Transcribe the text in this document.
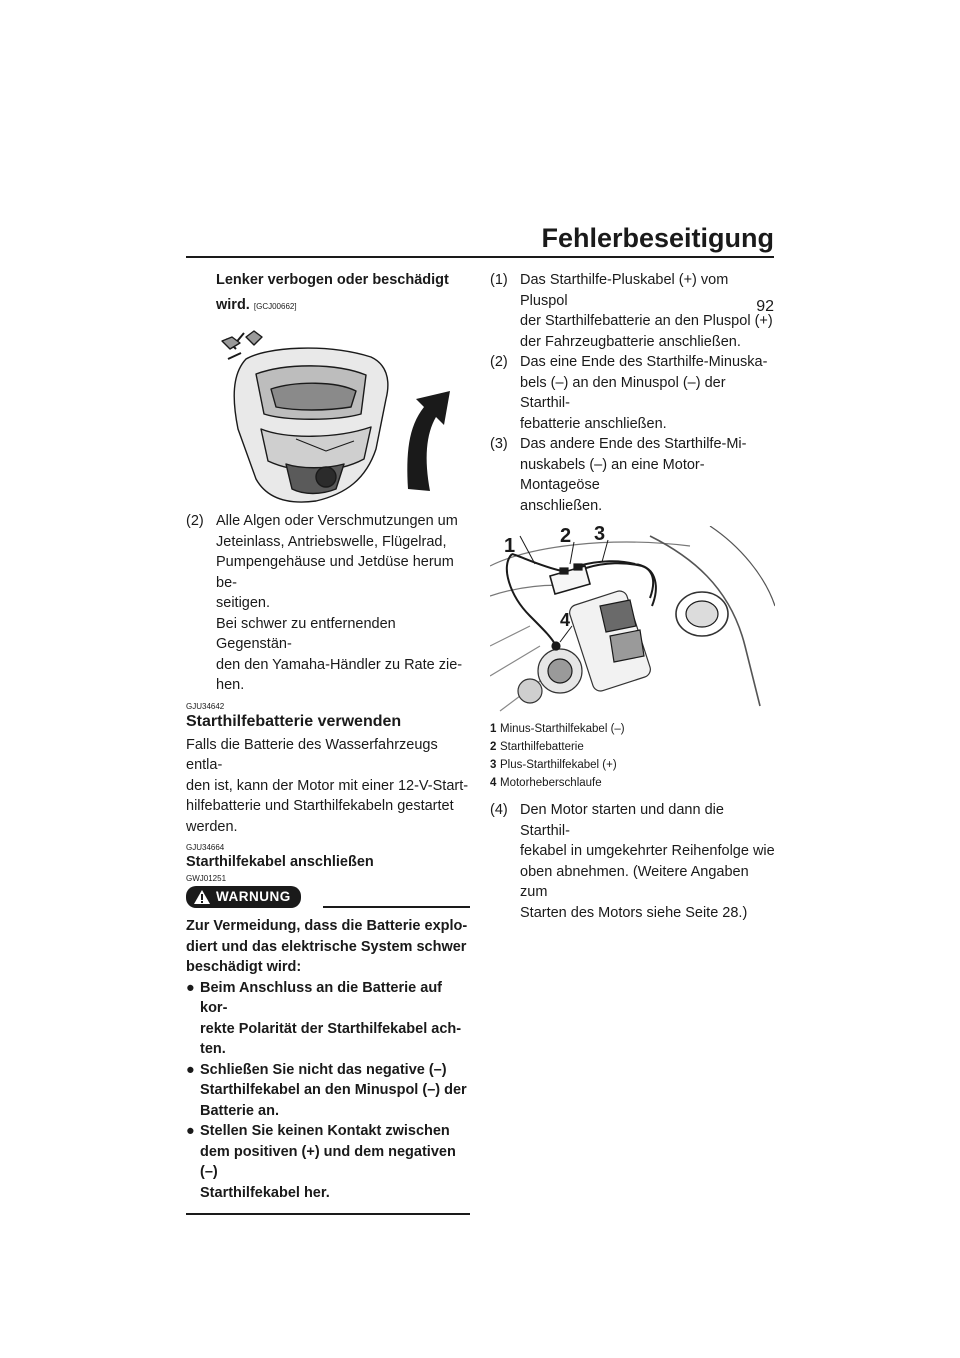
Fehlerbeseitigung
92
Lenker verbogen oder beschädigt
wird. [GCJ00662]
(2) Alle Algen oder Verschmutzungen um
Jeteinlass, Antriebswelle, Flügelrad,
Pumpengehäuse und Jetdüse herum be-
seitigen.
Bei schwer zu entfernenden Gegenstän-
den den Yamaha-Händler zu Rate zie-
hen.
GJU34642
Starthilfebatterie verwenden
Falls die Batterie des Wasserfahrzeugs entla-
den ist, kann der Motor mit einer 12-V-Start-
hilfebatterie und Starthilfekabeln gestartet
werden.
GJU34664
Starthilfekabel anschließen
GWJ01251
WARNUNG
Zur Vermeidung, dass die Batterie explo-
diert und das elektrische System schwer
beschädigt wird:
● Beim Anschluss an die Batterie auf kor-
rekte Polarität der Starthilfekabel ach-
ten.
● Schließen Sie nicht das negative (–)
Starthilfekabel an den Minuspol (–) der
Batterie an.
● Stellen Sie keinen Kontakt zwischen
dem positiven (+) und dem negativen (–)
Starthilfekabel her.
(1) Das Starthilfe-Pluskabel (+) vom Pluspol
der Starthilfebatterie an den Pluspol (+)
der Fahrzeugbatterie anschließen.
(2) Das eine Ende des Starthilfe-Minuska-
bels (–) an den Minuspol (–) der Starthil-
febatterie anschließen.
(3) Das andere Ende des Starthilfe-Mi-
nuskabels (–) an eine Motor-Montageöse
anschließen.
1 2 3
4
1 Minus-Starthilfekabel (–)
2 Starthilfebatterie
3 Plus-Starthilfekabel (+)
4 Motorheberschlaufe
(4) Den Motor starten und dann die Starthil-
fekabel in umgekehrter Reihenfolge wie
oben abnehmen. (Weitere Angaben zum
Starten des Motors siehe Seite 28.)
